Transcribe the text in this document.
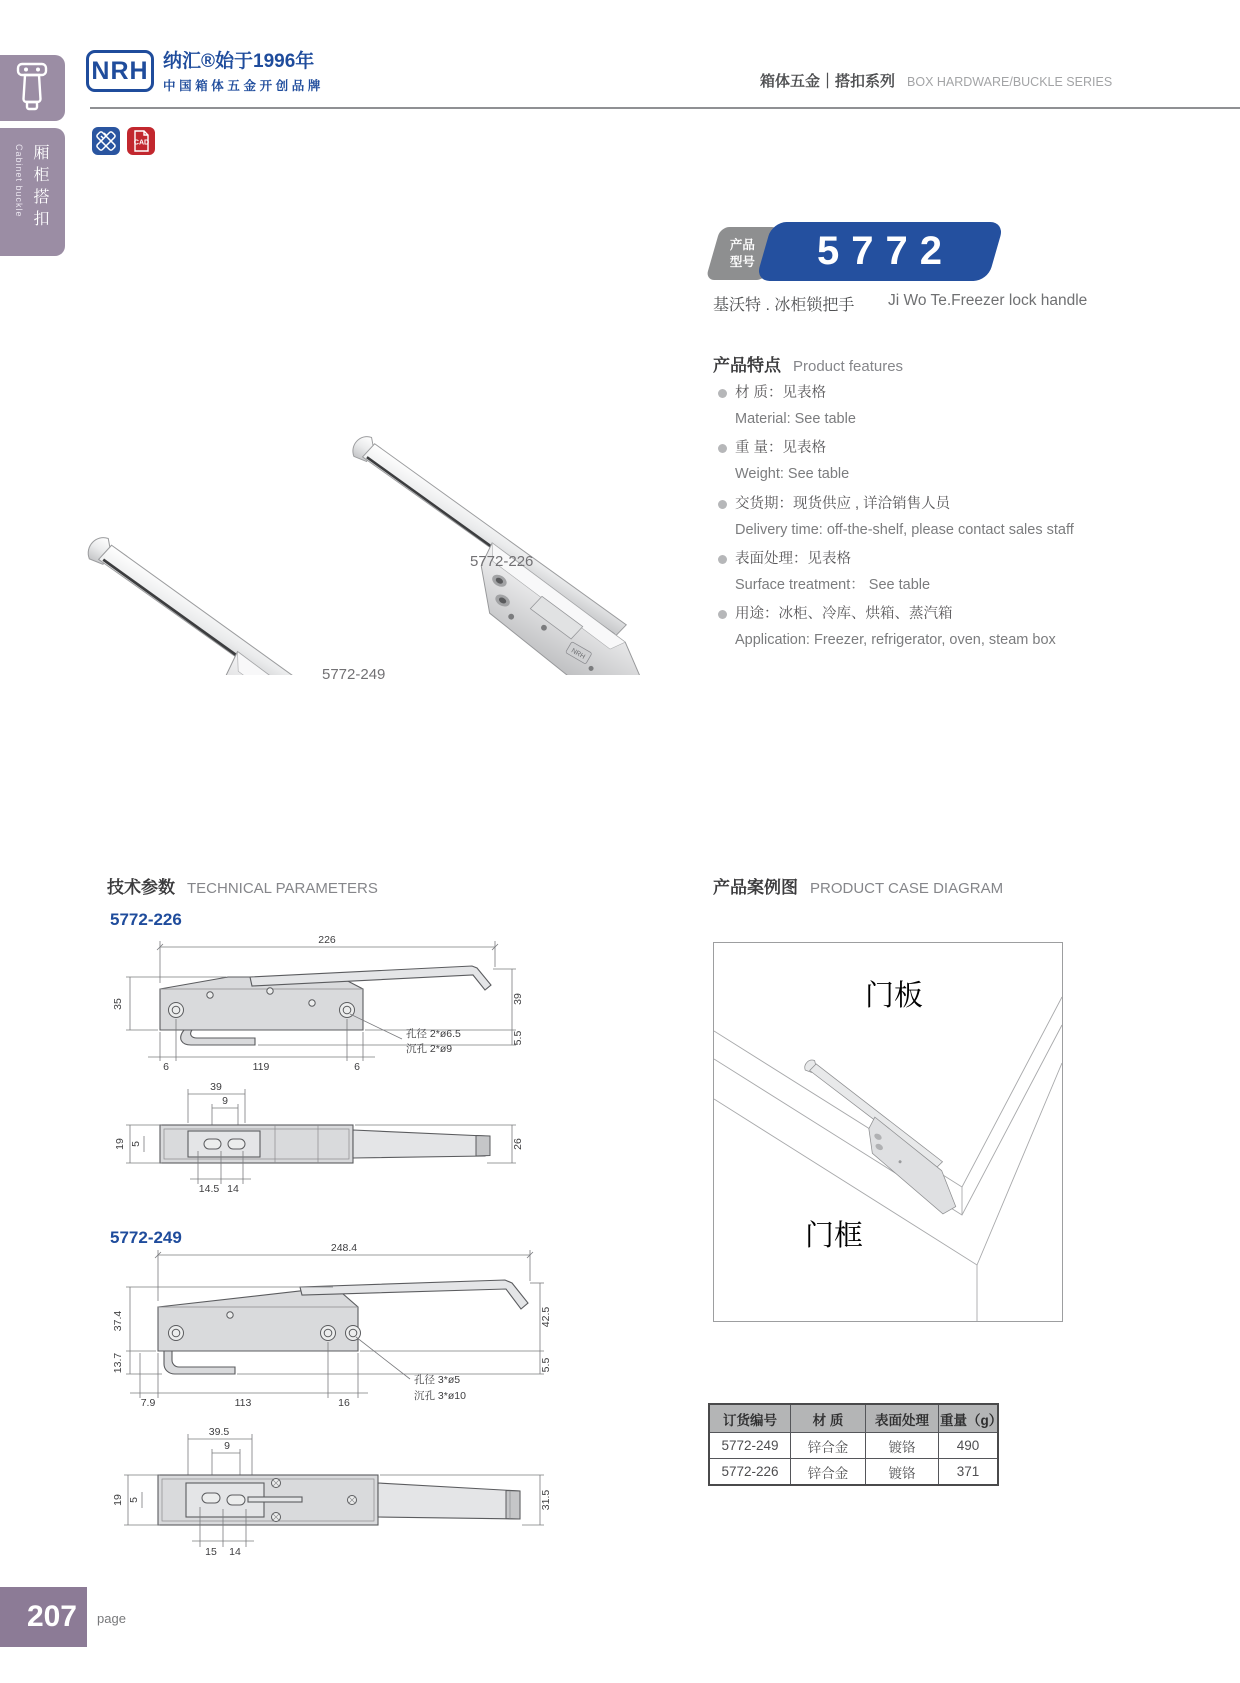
Cabinet buckle 厢柜搭扣
NRH 纳汇®始于1996年
中国箱体五金开创品牌	箱体五金｜搭扣系列 BOX HARDWARE/BUCKLE SERIES
CAD
NRH
5772-226
5772-249
产品
型号 5772
基沃特 . 冰柜锁把手 Ji Wo Te.Freezer lock handle
产品特点 Product features
材 质：见表格
Material: See table
重 量：见表格
Weight: See table
交货期：现货供应 , 详洽销售人员
Delivery time: off-the-shelf, please contact sales staff
表面处理：见表格
Surface treatment： See table
用途：冰柜、冷库、烘箱、蒸汽箱
Application: Freezer, refrigerator, oven, steam box
技术参数 TECHNICAL PARAMETERS
5772-226
226
35	39
5.5
6	119	6
孔径 2*ø6.5
沉孔 2*ø9
39
9
19 5	26
14.5 14
5772-249
248.4
37.4
13.7
42.5
5.5
7.9	113	16
孔径 3*ø5
沉孔 3*ø10
39.5
9
19 5	31.5
15 14
产品案例图 PRODUCT CASE DIAGRAM
门板
门框
订货编号	材 质	表面处理	重量（g）
5772-249	锌合金	镀铬	490
5772-226	锌合金	镀铬	371
207 page
